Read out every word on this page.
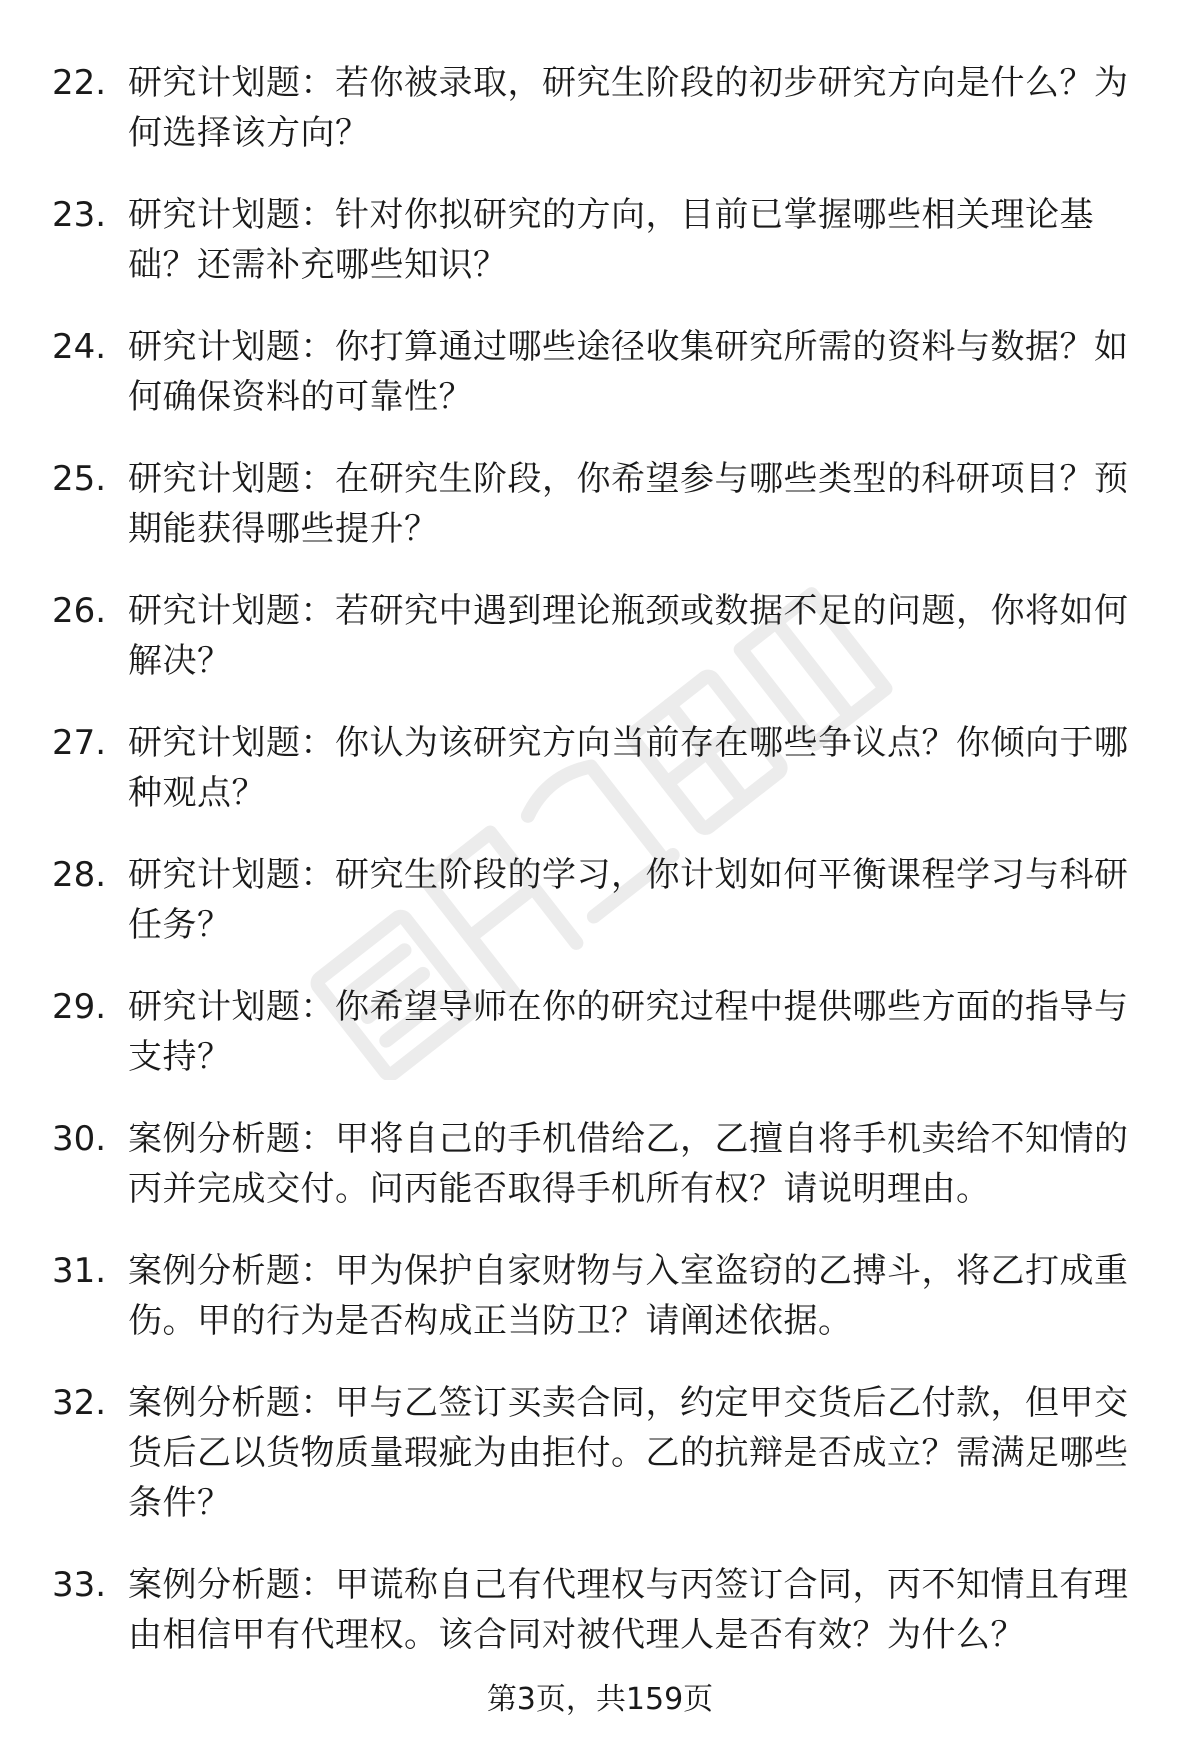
22. 研究计划题：若你被录取，研究生阶段的初步研究方向是什么？为何选择该方向？
23. 研究计划题：针对你拟研究的方向，目前已掌握哪些相关理论基础？还需补充哪些知识？
24. 研究计划题：你打算通过哪些途径收集研究所需的资料与数据？如何确保资料的可靠性？
25. 研究计划题：在研究生阶段，你希望参与哪些类型的科研项目？预期能获得哪些提升？
26. 研究计划题：若研究中遇到理论瓶颈或数据不足的问题，你将如何解决？
27. 研究计划题：你认为该研究方向当前存在哪些争议点？你倾向于哪种观点？
28. 研究计划题：研究生阶段的学习，你计划如何平衡课程学习与科研任务？
29. 研究计划题：你希望导师在你的研究过程中提供哪些方面的指导与支持？
30. 案例分析题：甲将自己的手机借给乙，乙擅自将手机卖给不知情的丙并完成交付。问丙能否取得手机所有权？请说明理由。
31. 案例分析题：甲为保护自家财物与入室盗窃的乙搏斗，将乙打成重伤。甲的行为是否构成正当防卫？请阐述依据。
32. 案例分析题：甲与乙签订买卖合同，约定甲交货后乙付款，但甲交货后乙以货物质量瑕疵为由拒付。乙的抗辩是否成立？需满足哪些条件？
33. 案例分析题：甲谎称自己有代理权与丙签订合同，丙不知情且有理由相信甲有代理权。该合同对被代理人是否有效？为什么？
第3页，共159页
